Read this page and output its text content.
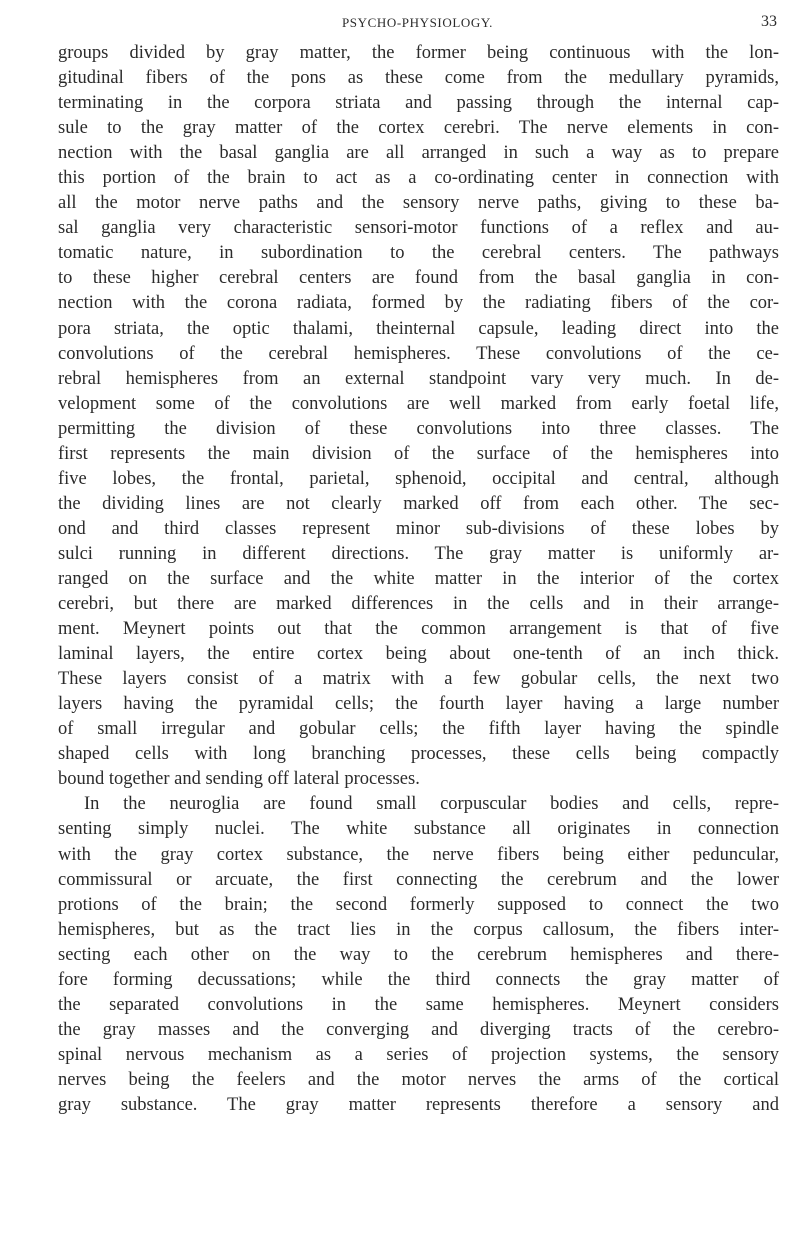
PSYCHO-PHYSIOLOGY.	33

groups divided by gray matter, the former being continuous with the lon-

gitudinal fibers of the pons as these come from the medullary pyramids,

terminating in the corpora striata and passing through the internal cap-

sule to the gray matter of the cortex cerebri. The nerve elements in con-

nection with the basal ganglia are all arranged in such a way as to prepare

this portion of the brain to act as a co-ordinating center in connection with

all the motor nerve paths and the sensory nerve paths, giving to these ba-

sal ganglia very characteristic sensori-motor functions of a reflex and au-

tomatic nature, in subordination to the cerebral centers. The pathways

to these higher cerebral centers are found from the basal ganglia in con-

nection with the corona radiata, formed by the radiating fibers of the cor-

pora striata, the optic thalami, theinternal capsule, leading direct into the

convolutions of the cerebral hemispheres. These convolutions of the ce-

rebral hemispheres from an external standpoint vary very much. In de-

velopment some of the convolutions are well marked from early foetal life,

permitting the division of these convolutions into three classes. The

first represents the main division of the surface of the hemispheres into

five lobes, the frontal, parietal, sphenoid, occipital and central, although

the dividing lines are not clearly marked off from each other. The sec-

ond and third classes represent minor sub-divisions of these lobes by

sulci running in different directions. The gray matter is uniformly ar-

ranged on the surface and the white matter in the interior of the cortex

cerebri, but there are marked differences in the cells and in their arrange-

ment. Meynert points out that the common arrangement is that of five

laminal layers, the entire cortex being about one-tenth of an inch thick.

These layers consist of a matrix with a few gobular cells, the next two

layers having the pyramidal cells; the fourth layer having a large number

of small irregular and gobular cells; the fifth layer having the spindle

shaped cells with long branching processes, these cells being compactly

bound together and sending off lateral processes.

In the neuroglia are found small corpuscular bodies and cells, repre-

senting simply nuclei. The white substance all originates in connection

with the gray cortex substance, the nerve fibers being either peduncular,

commissural or arcuate, the first connecting the cerebrum and the lower

protions of the brain; the second formerly supposed to connect the two

hemispheres, but as the tract lies in the corpus callosum, the fibers inter-

secting each other on the way to the cerebrum hemispheres and there-

fore forming decussations; while the third connects the gray matter of

the separated convolutions in the same hemispheres. Meynert considers

the gray masses and the converging and diverging tracts of the cerebro-

spinal nervous mechanism as a series of projection systems, the sensory

nerves being the feelers and the motor nerves the arms of the cortical

gray substance. The gray matter represents therefore a sensory and
